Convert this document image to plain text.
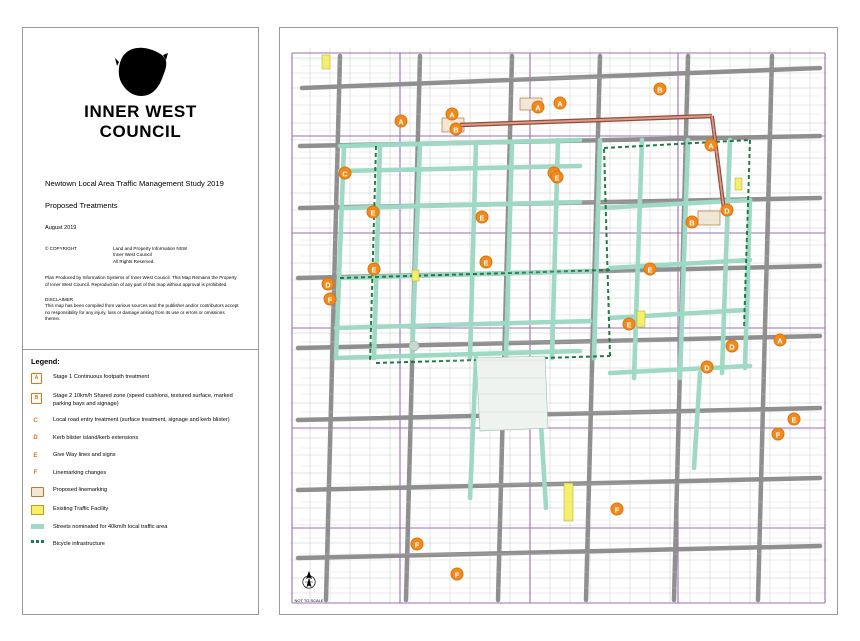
INNER WEST
COUNCIL
Newtown Local Area Traffic Management Study 2019
Proposed Treatments
August 2019
© COPYRIGHT	Land and Property Information NSW
Inner West Council
All Rights Reserved.
Plan Produced by Information Systems of Inner West Council. This Map Remains the Property of Inner West Council. Reproduction of any part of this map without approval is prohibited.
DISCLAIMER
This map has been compiled from various sources and the publisher and/or contributors accept no responsibility for any injury, loss or damage arising from its use or errors or omissions therein.
Legend:
A	Stage 1 Continuous footpath treatment
B	Stage 2 10km/h Shared zone (speed cushions, textured surface, marked parking bays and signage)
C	Local road entry treatment (surface treatment, signage and kerb blister)
D	Kerb blister island/kerb extensions
E	Give Way lines and signs
F	Linemarking changes
Proposed linemarking
Existing Traffic Facility
Streets nominated for 40km/h local traffic area
Bicycle infrastructure
A
A
A	A
A
A
B
B
B
C
D
D
D
D
E
E
E
E
E	E
E
F
F
F
F
F
E
NOT TO SCALE
